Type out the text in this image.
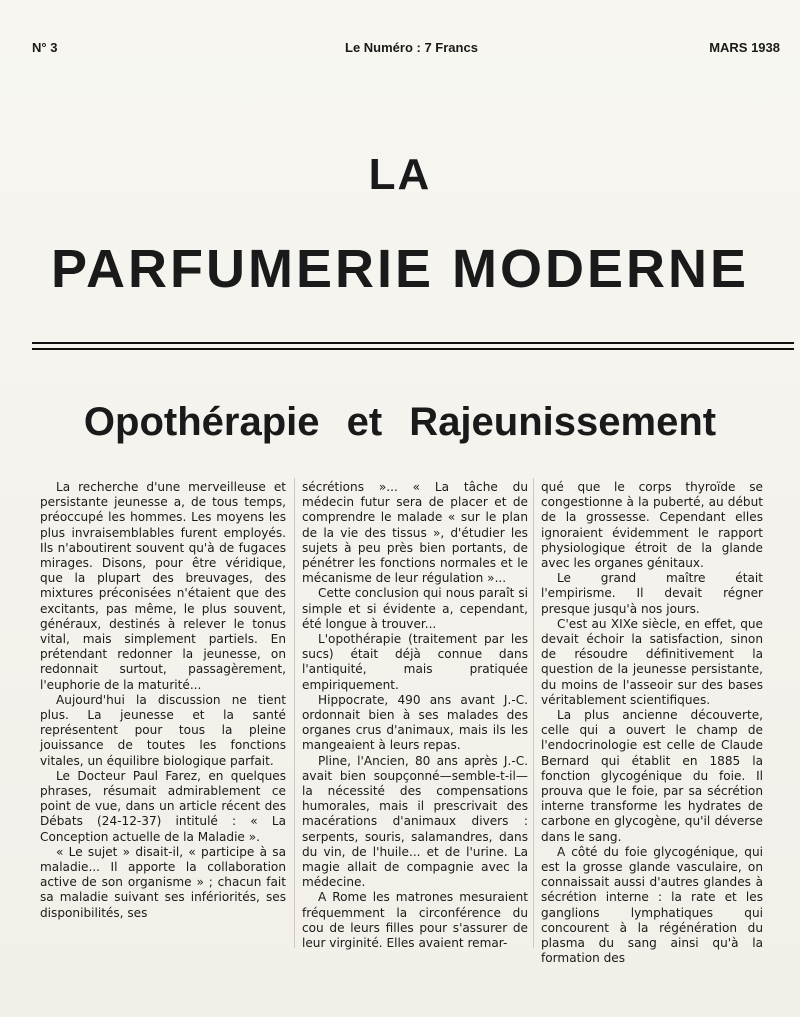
N° 3	Le Numéro : 7 Francs	MARS 1938
LA
PARFUMERIE MODERNE
Opothérapie et Rajeunissement

La recherche d'une merveilleuse et persistante jeunesse a, de tous temps, préoccupé les hommes. Les moyens les plus invraisemblables furent employés. Ils n'aboutirent souvent qu'à de fugaces mirages. Disons, pour être véridique, que la plupart des breuvages, des mixtures préconisées n'étaient que des excitants, pas même, le plus souvent, généraux, destinés à relever le tonus vital, mais simplement partiels. En prétendant redonner la jeunesse, on redonnait surtout, passagèrement, l'euphorie de la maturité...

Aujourd'hui la discussion ne tient plus. La jeunesse et la santé représentent pour tous la pleine jouissance de toutes les fonctions vitales, un équilibre biologique parfait.

Le Docteur Paul Farez, en quelques phrases, résumait admirablement ce point de vue, dans un article récent des Débats (24-12-37) intitulé : « La Conception actuelle de la Maladie ».

« Le sujet » disait-il, « participe à sa maladie... Il apporte la collaboration active de son organisme » ; chacun fait sa maladie suivant ses infériorités, ses disponibilités, ses

sécrétions »... « La tâche du médecin futur sera de placer et de comprendre le malade « sur le plan de la vie des tissus », d'étudier les sujets à peu près bien portants, de pénétrer les fonctions normales et le mécanisme de leur régulation »...

Cette conclusion qui nous paraît si simple et si évidente a, cependant, été longue à trouver...

L'opothérapie (traitement par les sucs) était déjà connue dans l'antiquité, mais pratiquée empiriquement.

Hippocrate, 490 ans avant J.-C. ordonnait bien à ses malades des organes crus d'animaux, mais ils les mangeaient à leurs repas.

Pline, l'Ancien, 80 ans après J.-C. avait bien soupçonné—semble-t-il—la nécessité des compensations humorales, mais il prescrivait des macérations d'animaux divers : serpents, souris, salamandres, dans du vin, de l'huile... et de l'urine. La magie allait de compagnie avec la médecine.

A Rome les matrones mesuraient fréquemment la circonférence du cou de leurs filles pour s'assurer de leur virginité. Elles avaient remar-

qué que le corps thyroïde se congestionne à la puberté, au début de la grossesse. Cependant elles ignoraient évidemment le rapport physiologique étroit de la glande avec les organes génitaux.

Le grand maître était l'empirisme. Il devait régner presque jusqu'à nos jours.

C'est au XIXe siècle, en effet, que devait échoir la satisfaction, sinon de résoudre définitivement la question de la jeunesse persistante, du moins de l'asseoir sur des bases véritablement scientifiques.

La plus ancienne découverte, celle qui a ouvert le champ de l'endocrinologie est celle de Claude Bernard qui établit en 1885 la fonction glycogénique du foie. Il prouva que le foie, par sa sécrétion interne transforme les hydrates de carbone en glycogène, qu'il déverse dans le sang.

A côté du foie glycogénique, qui est la grosse glande vasculaire, on connaissait aussi d'autres glandes à sécrétion interne : la rate et les ganglions lymphatiques qui concourent à la régénération du plasma du sang ainsi qu'à la formation des
